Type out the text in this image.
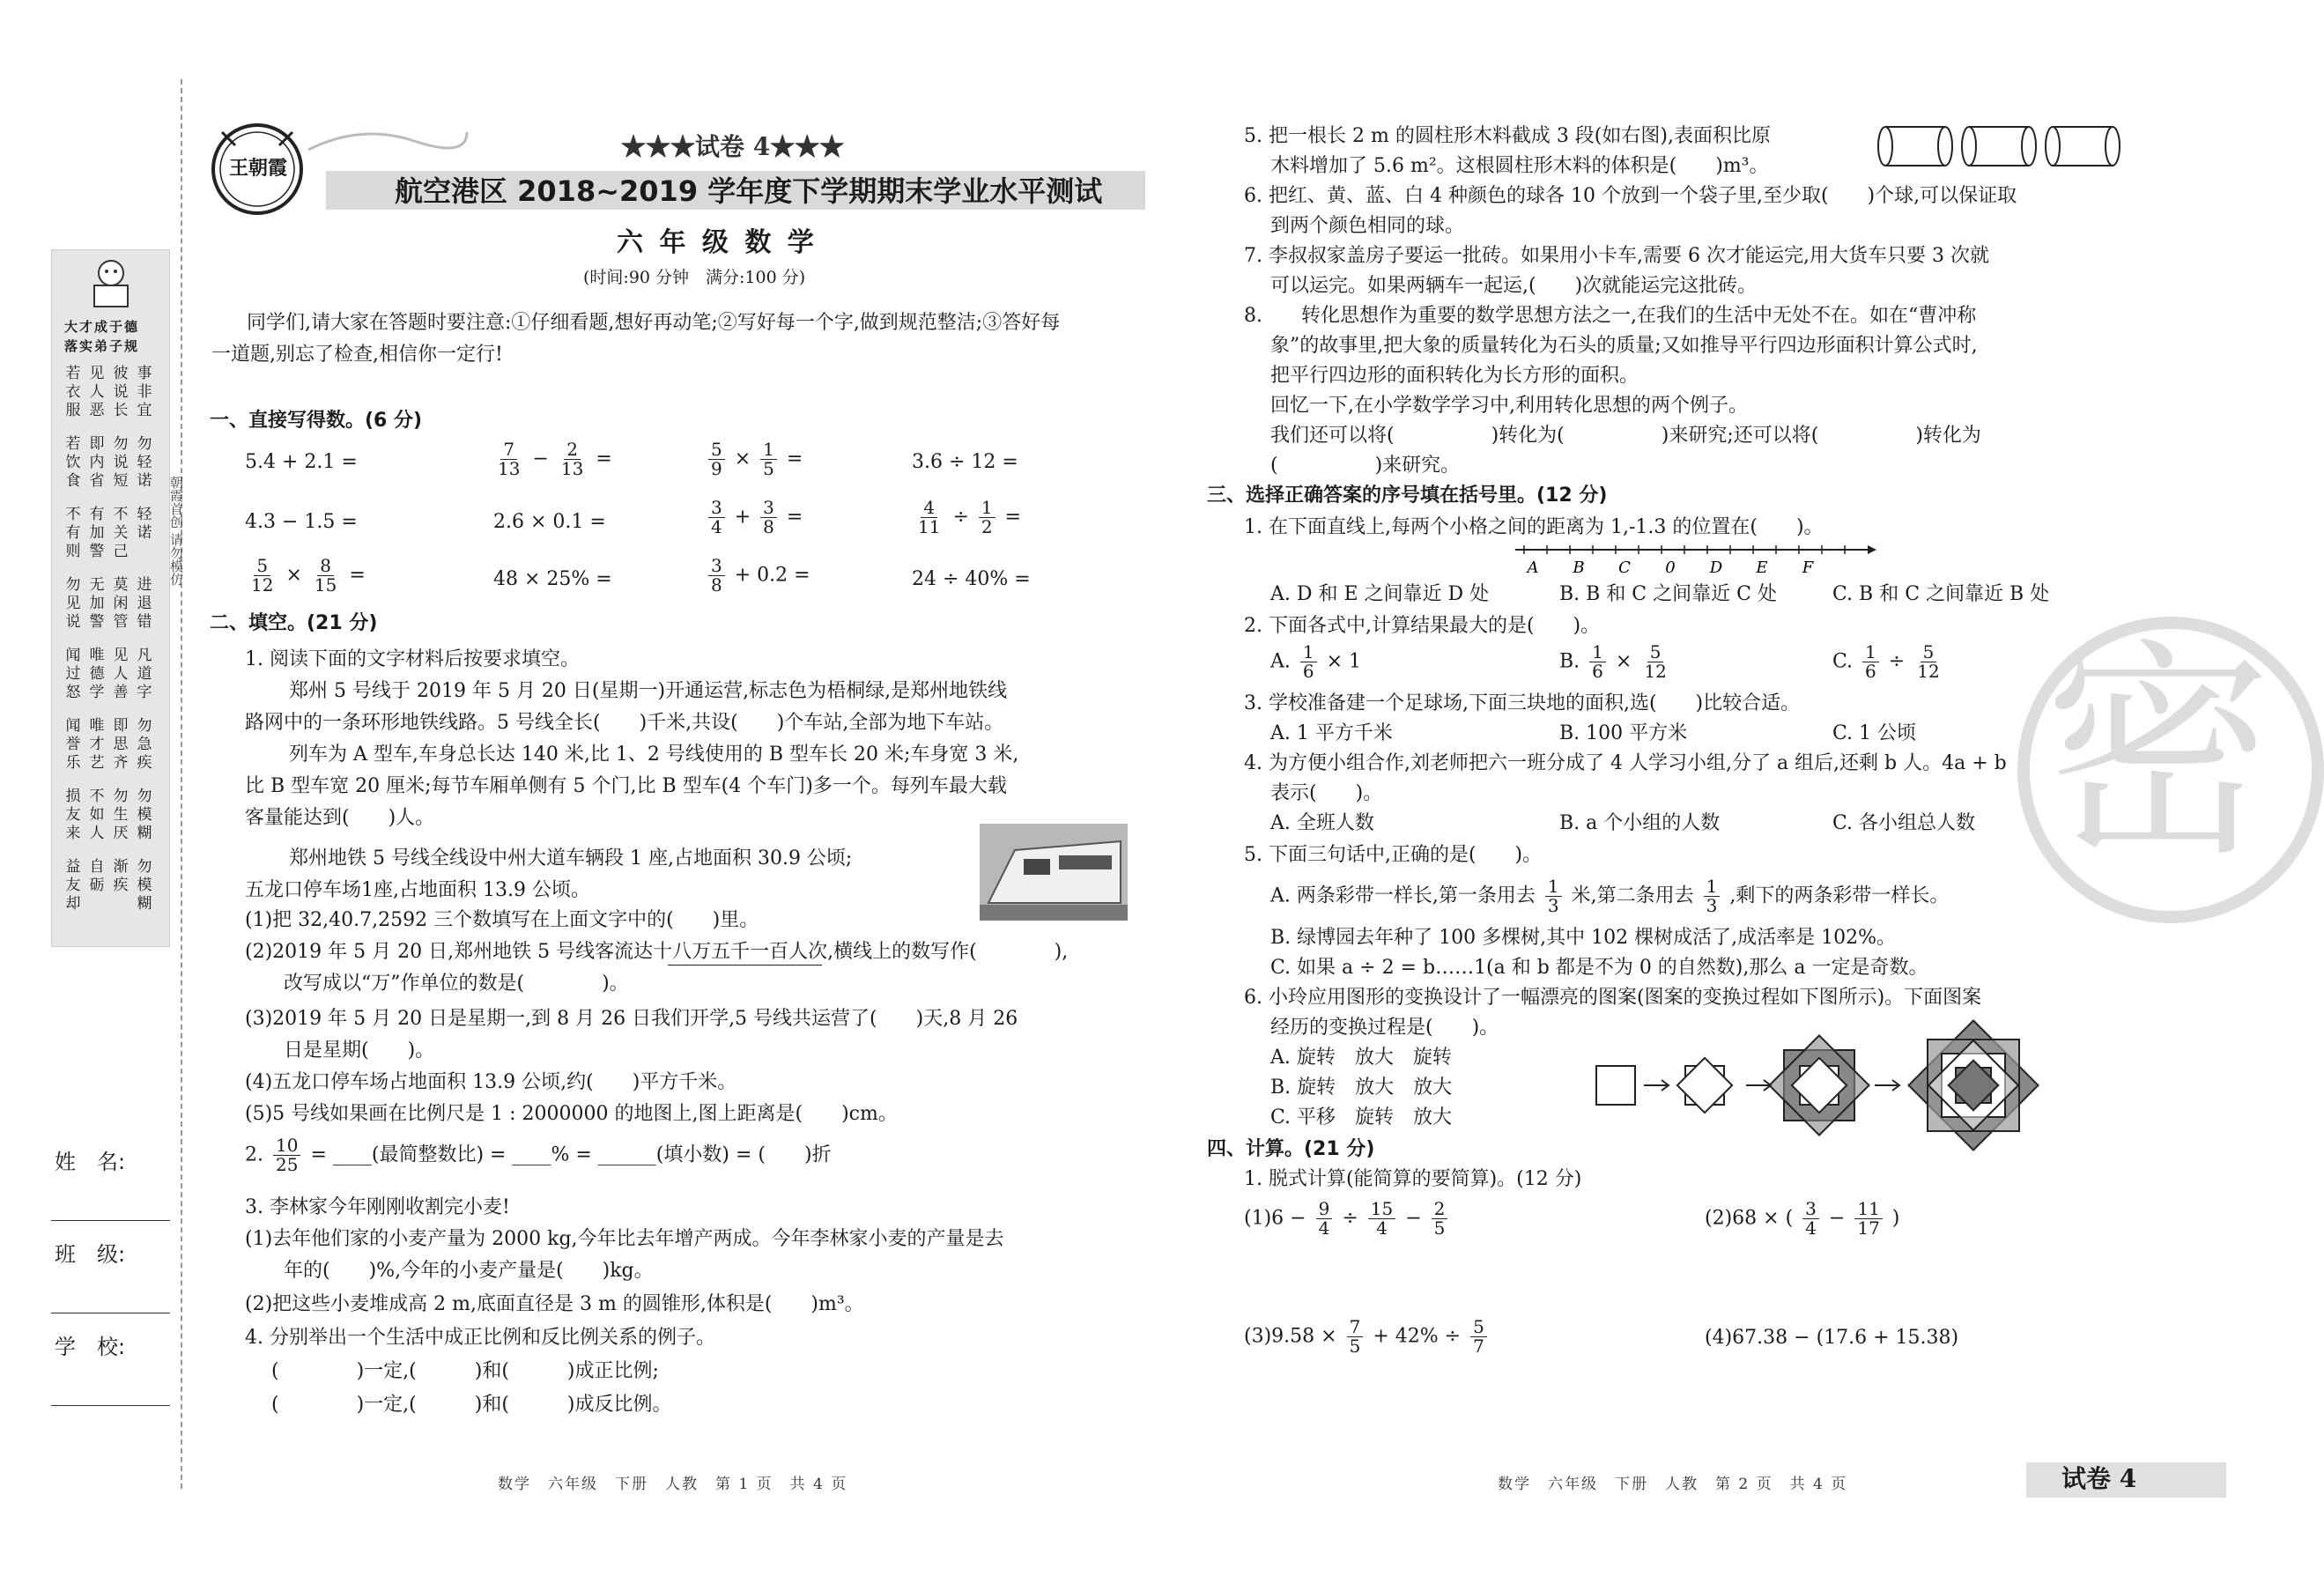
大才成于德
落实弟子规
若衣服
见人恶
彼说长
事非宜
若饮食
即内省
勿说短
勿轻诺
不有则
有加警
不关己
轻诺
勿见说
无加警
莫闲管
进退错
闻过怒
唯德学
见人善
凡道字
闻誉乐
唯才艺
即思齐
勿急疾
损友来
不如人
勿生厌
勿模糊
益友却
自砺
渐疾
勿模糊
姓　名:
班　级:
学　校:
朝霞首创 请勿模仿
王朝霞
★★★试卷 4★★★
航空港区 2018~2019 学年度下学期期末学业水平测试
六 年 级 数 学
(时间:90 分钟　满分:100 分)
同学们,请大家在答题时要注意:①仔细看题,想好再动笔;②写好每一个字,做到规范整洁;③答好每
一道题,别忘了检查,相信你一定行!
一、直接写得数。(6 分)
5.4 + 2.1 =	$\frac{7}{13} - \frac{2}{13}$ =	$\frac{5}{9} \times \frac{1}{5}$ =	3.6 ÷ 12 =
4.3 − 1.5 =	2.6 × 0.1 =	$\frac{3}{4} + \frac{3}{8}$ =	$\frac{4}{11} \div \frac{1}{2}$ =
$\frac{5}{12} \times \frac{8}{15}$ =	48 × 25% =	$\frac{3}{8} + 0.2$ =	24 ÷ 40% =
二、填空。(21 分)
1. 阅读下面的文字材料后按要求填空。
郑州 5 号线于 2019 年 5 月 20 日(星期一)开通运营,标志色为梧桐绿,是郑州地铁线
路网中的一条环形地铁线路。5 号线全长(　　)千米,共设(　　)个车站,全部为地下车站。
列车为 A 型车,车身总长达 140 米,比 1、2 号线使用的 B 型车长 20 米;车身宽 3 米,
比 B 型车宽 20 厘米;每节车厢单侧有 5 个门,比 B 型车(4 个车门)多一个。每列车最大载
客量能达到(　　)人。
郑州地铁 5 号线全线设中州大道车辆段 1 座,占地面积 30.9 公顷;
五龙口停车场1座,占地面积 13.9 公顷。
(1)把 32,40.7,2592 三个数填写在上面文字中的(　　)里。
(2)2019 年 5 月 20 日,郑州地铁 5 号线客流达十八万五千一百人次,横线上的数写作(　　　　),
改写成以“万”作单位的数是(　　　　)。
(3)2019 年 5 月 20 日是星期一,到 8 月 26 日我们开学,5 号线共运营了(　　)天,8 月 26
日是星期(　　)。
(4)五龙口停车场占地面积 13.9 公顷,约(　　)平方千米。
(5)5 号线如果画在比例尺是 1 : 2000000 的地图上,图上距离是(　　)cm。
2. $\frac{10}{25}$ = ____(最简整数比) = ____% = ______(填小数) = (　　)折
3. 李林家今年刚刚收割完小麦!
(1)去年他们家的小麦产量为 2000 kg,今年比去年增产两成。今年李林家小麦的产量是去
年的(　　)%,今年的小麦产量是(　　)kg。
(2)把这些小麦堆成高 2 m,底面直径是 3 m 的圆锥形,体积是(　　)m³。
4. 分别举出一个生活中成正比例和反比例关系的例子。
(　　　　)一定,(　　　)和(　　　)成正比例;
(　　　　)一定,(　　　)和(　　　)成反比例。
数学　六年级　下册　人教　第 1 页　共 4 页
密
5. 把一根长 2 m 的圆柱形木料截成 3 段(如右图),表面积比原
木料增加了 5.6 m²。这根圆柱形木料的体积是(　　)m³。
6. 把红、黄、蓝、白 4 种颜色的球各 10 个放到一个袋子里,至少取(　　)个球,可以保证取
到两个颜色相同的球。
7. 李叔叔家盖房子要运一批砖。如果用小卡车,需要 6 次才能运完,用大货车只要 3 次就
可以运完。如果两辆车一起运,(　　)次就能运完这批砖。
8.　　转化思想作为重要的数学思想方法之一,在我们的生活中无处不在。如在“曹冲称
象”的故事里,把大象的质量转化为石头的质量;又如推导平行四边形面积计算公式时,
把平行四边形的面积转化为长方形的面积。
回忆一下,在小学数学学习中,利用转化思想的两个例子。
我们还可以将(　　　　　)转化为(　　　　　)来研究;还可以将(　　　　　)转化为
(　　　　　)来研究。
三、选择正确答案的序号填在括号里。(12 分)
1. 在下面直线上,每两个小格之间的距离为 1,-1.3 的位置在(　　)。
A B C 0 D E F
A. D 和 E 之间靠近 D 处	B. B 和 C 之间靠近 C 处	C. B 和 C 之间靠近 B 处
2. 下面各式中,计算结果最大的是(　　)。
A. $\frac{1}{6} \times 1$	B. $\frac{1}{6} \times \frac{5}{12}$	C. $\frac{1}{6} \div \frac{5}{12}$
3. 学校准备建一个足球场,下面三块地的面积,选(　　)比较合适。
A. 1 平方千米	B. 100 平方米	C. 1 公顷
4. 为方便小组合作,刘老师把六一班分成了 4 人学习小组,分了 a 组后,还剩 b 人。4a + b
表示(　　)。
A. 全班人数	B. a 个小组的人数	C. 各小组总人数
5. 下面三句话中,正确的是(　　)。
A. 两条彩带一样长,第一条用去 $\frac{1}{3}$ 米,第二条用去 $\frac{1}{3}$ ,剩下的两条彩带一样长。
B. 绿博园去年种了 100 多棵树,其中 102 棵树成活了,成活率是 102%。
C. 如果 a ÷ 2 = b……1(a 和 b 都是不为 0 的自然数),那么 a 一定是奇数。
6. 小玲应用图形的变换设计了一幅漂亮的图案(图案的变换过程如下图所示)。下面图案
经历的变换过程是(　　)。
A. 旋转　放大　旋转
B. 旋转　放大　放大
C. 平移　旋转　放大
四、计算。(21 分)
1. 脱式计算(能简算的要简算)。(12 分)
$(1)6 - \frac{9}{4} \div \frac{15}{4} - \frac{2}{5}$	(2)68 × ( $\frac{3}{4} - \frac{11}{17}$ )
$(3)9.58 \times \frac{7}{5} + 42\% \div \frac{5}{7}$	(4)67.38 − (17.6 + 15.38)
数学　六年级　下册　人教　第 2 页　共 4 页	试卷 4
